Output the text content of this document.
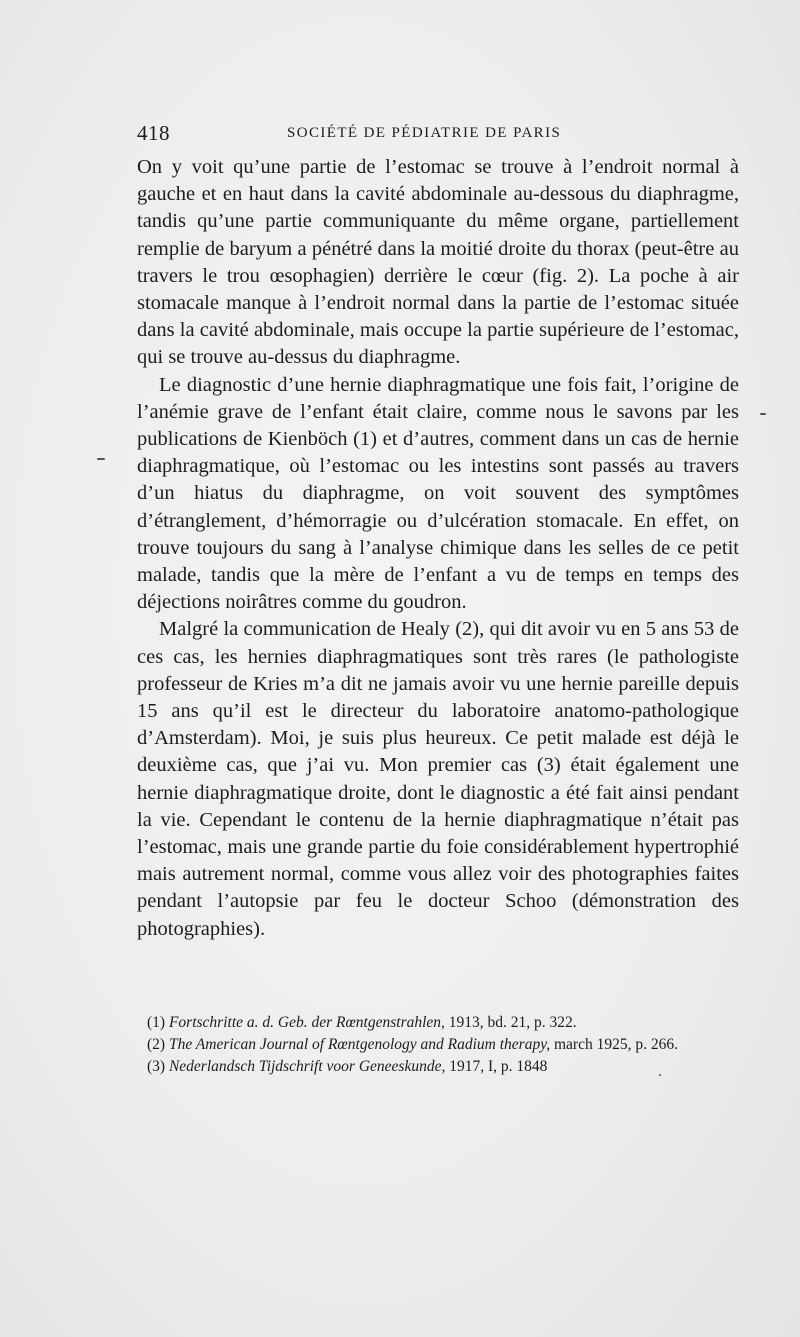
418	SOCIÉTÉ DE PÉDIATRIE DE PARIS

On y voit qu’une partie de l’estomac se trouve à l’endroit normal à gauche et en haut dans la cavité abdominale au-dessous du diaphragme, tandis qu’une partie communiquante du même organe, partiellement remplie de baryum a pénétré dans la moitié droite du thorax (peut-être au travers le trou œsophagien) derrière le cœur (fig. 2). La poche à air stomacale manque à l’endroit normal dans la partie de l’estomac située dans la cavité abdominale, mais occupe la partie supérieure de l’estomac, qui se trouve au-dessus du diaphragme.

Le diagnostic d’une hernie diaphragmatique une fois fait, l’origine de l’anémie grave de l’enfant était claire, comme nous le savons par les publications de Kienböch (1) et d’autres, comment dans un cas de hernie diaphragmatique, où l’estomac ou les intestins sont passés au travers d’un hiatus du diaphragme, on voit souvent des symptômes d’étranglement, d’hémorragie ou d’ulcération stomacale. En effet, on trouve toujours du sang à l’analyse chimique dans les selles de ce petit malade, tandis que la mère de l’enfant a vu de temps en temps des déjections noirâtres comme du goudron.

Malgré la communication de Healy (2), qui dit avoir vu en 5 ans 53 de ces cas, les hernies diaphragmatiques sont très rares (le pathologiste professeur de Kries m’a dit ne jamais avoir vu une hernie pareille depuis 15 ans qu’il est le directeur du laboratoire anatomo-pathologique d’Amsterdam). Moi, je suis plus heureux. Ce petit malade est déjà le deuxième cas, que j’ai vu. Mon premier cas (3) était également une hernie diaphragmatique droite, dont le diagnostic a été fait ainsi pendant la vie. Cependant le contenu de la hernie diaphragmatique n’était pas l’estomac, mais une grande partie du foie considérablement hypertrophié mais autrement normal, comme vous allez voir des photographies faites pendant l’autopsie par feu le docteur Schoo (démonstration des photographies).

(1) Fortschritte a. d. Geb. der Rœntgenstrahlen, 1913, bd. 21, p. 322.

(2) The American Journal of Rœntgenology and Radium therapy, march 1925, p. 266.

(3) Nederlandsch Tijdschrift voor Geneeskunde, 1917, I, p. 1848
